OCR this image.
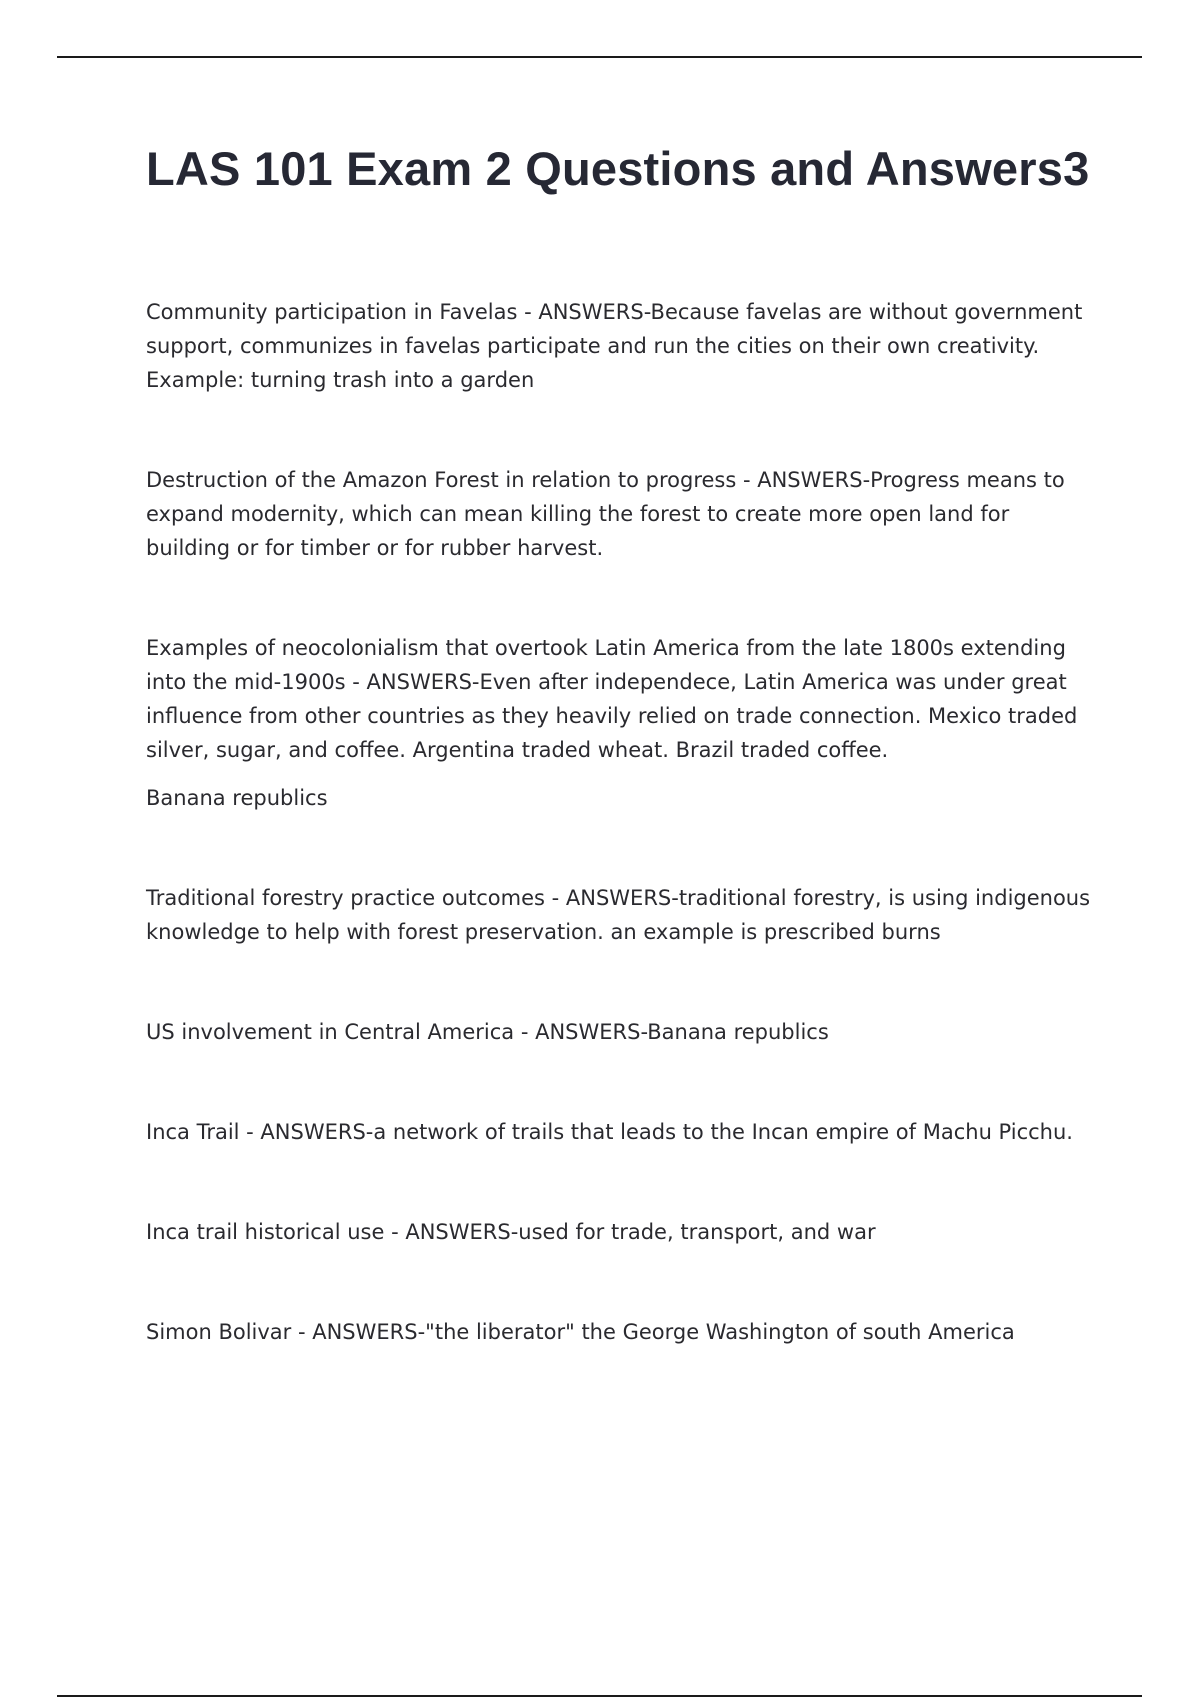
LAS 101 Exam 2 Questions and Answers3

Community participation in Favelas - ANSWERS-Because favelas are without government support, communizes in favelas participate and run the cities on their own creativity. Example: turning trash into a garden

Destruction of the Amazon Forest in relation to progress - ANSWERS-Progress means to expand modernity, which can mean killing the forest to create more open land for building or for timber or for rubber harvest.

Examples of neocolonialism that overtook Latin America from the late 1800s extending into the mid-1900s - ANSWERS-Even after independece, Latin America was under great influence from other countries as they heavily relied on trade connection. Mexico traded silver, sugar, and coffee. Argentina traded wheat. Brazil traded coffee.

Banana republics

Traditional forestry practice outcomes - ANSWERS-traditional forestry, is using indigenous knowledge to help with forest preservation. an example is prescribed burns

US involvement in Central America - ANSWERS-Banana republics

Inca Trail - ANSWERS-a network of trails that leads to the Incan empire of Machu Picchu.

Inca trail historical use - ANSWERS-used for trade, transport, and war

Simon Bolivar - ANSWERS-"the liberator" the George Washington of south America
